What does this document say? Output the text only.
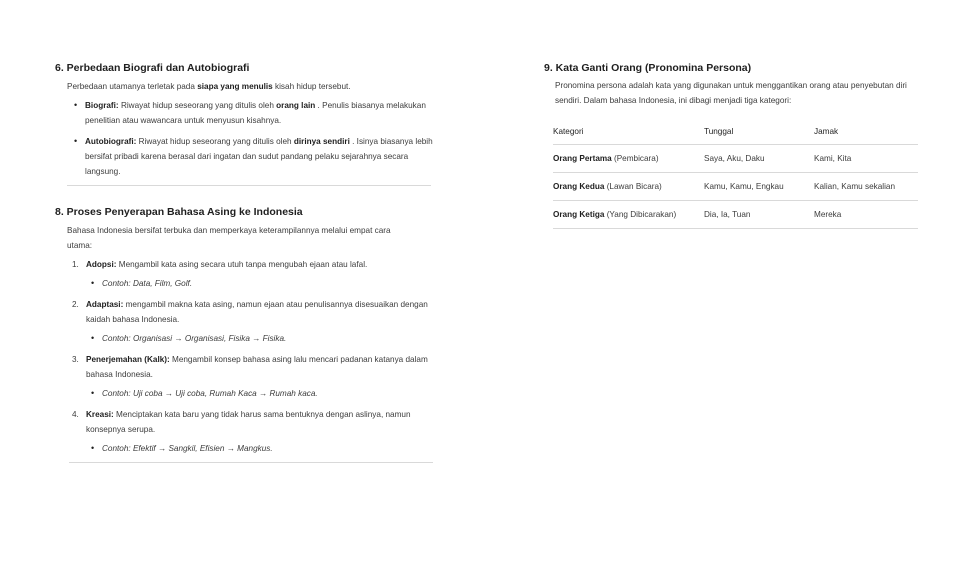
6. Perbedaan Biografi dan Autobiografi

Perbedaan utamanya terletak pada siapa yang menulis kisah hidup tersebut.

• Biografi: Riwayat hidup seseorang yang ditulis oleh orang lain . Penulis biasanya melakukan penelitian atau wawancara untuk menyusun kisahnya.
• Autobiografi: Riwayat hidup seseorang yang ditulis oleh dirinya sendiri . Isinya biasanya lebih bersifat pribadi karena berasal dari ingatan dan sudut pandang pelaku sejarahnya secara langsung.
8. Proses Penyerapan Bahasa Asing ke Indonesia

Bahasa Indonesia bersifat terbuka dan memperkaya keterampilannya melalui empat cara utama:

1. Adopsi: Mengambil kata asing secara utuh tanpa mengubah ejaan atau lafal.
• Contoh: Data, Film, Golf.
2. Adaptasi: mengambil makna kata asing, namun ejaan atau penulisannya disesuaikan dengan kaidah bahasa Indonesia.
• Contoh: Organisasi → Organisasi, Fisika → Fisika.
3. Penerjemahan (Kalk): Mengambil konsep bahasa asing lalu mencari padanan katanya dalam bahasa Indonesia.
• Contoh: Uji coba → Uji coba, Rumah Kaca → Rumah kaca.
4. Kreasi: Menciptakan kata baru yang tidak harus sama bentuknya dengan aslinya, namun konsepnya serupa.
• Contoh: Efektif → Sangkil, Efisien → Mangkus.
9. Kata Ganti Orang (Pronomina Persona)

Pronomina persona adalah kata yang digunakan untuk menggantikan orang atau penyebutan diri sendiri. Dalam bahasa Indonesia, ini dibagi menjadi tiga kategori:

Kategori	Tunggal	Jamak
Orang Pertama (Pembicara)	Saya, Aku, Daku	Kami, Kita
Orang Kedua (Lawan Bicara)	Kamu, Kamu, Engkau	Kalian, Kamu sekalian
Orang Ketiga (Yang Dibicarakan)	Dia, Ia, Tuan	Mereka
